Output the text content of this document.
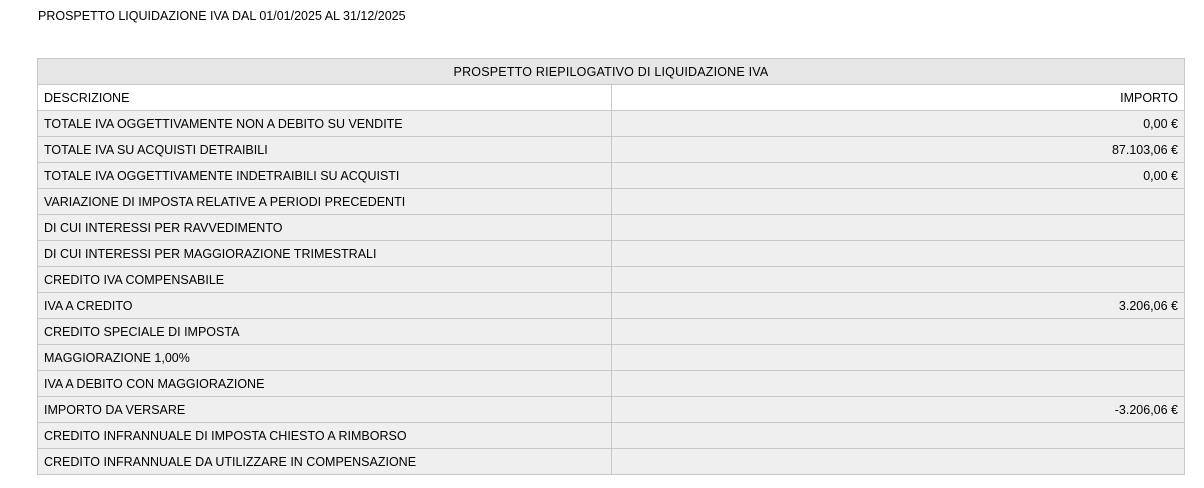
PROSPETTO LIQUIDAZIONE IVA DAL 01/01/2025 AL 31/12/2025
PROSPETTO RIEPILOGATIVO DI LIQUIDAZIONE IVA	
DESCRIZIONE	IMPORTO
TOTALE IVA OGGETTIVAMENTE NON A DEBITO SU VENDITE	0,00 €
TOTALE IVA SU ACQUISTI DETRAIBILI	87.103,06 €
TOTALE IVA OGGETTIVAMENTE INDETRAIBILI SU ACQUISTI	0,00 €
VARIAZIONE DI IMPOSTA RELATIVE A PERIODI PRECEDENTI	
DI CUI INTERESSI PER RAVVEDIMENTO	
DI CUI INTERESSI PER MAGGIORAZIONE TRIMESTRALI	
CREDITO IVA COMPENSABILE	
IVA A CREDITO	3.206,06 €
CREDITO SPECIALE DI IMPOSTA	
MAGGIORAZIONE 1,00%	
IVA A DEBITO CON MAGGIORAZIONE	
IMPORTO DA VERSARE	-3.206,06 €
CREDITO INFRANNUALE DI IMPOSTA CHIESTO A RIMBORSO	
CREDITO INFRANNUALE DA UTILIZZARE IN COMPENSAZIONE	
